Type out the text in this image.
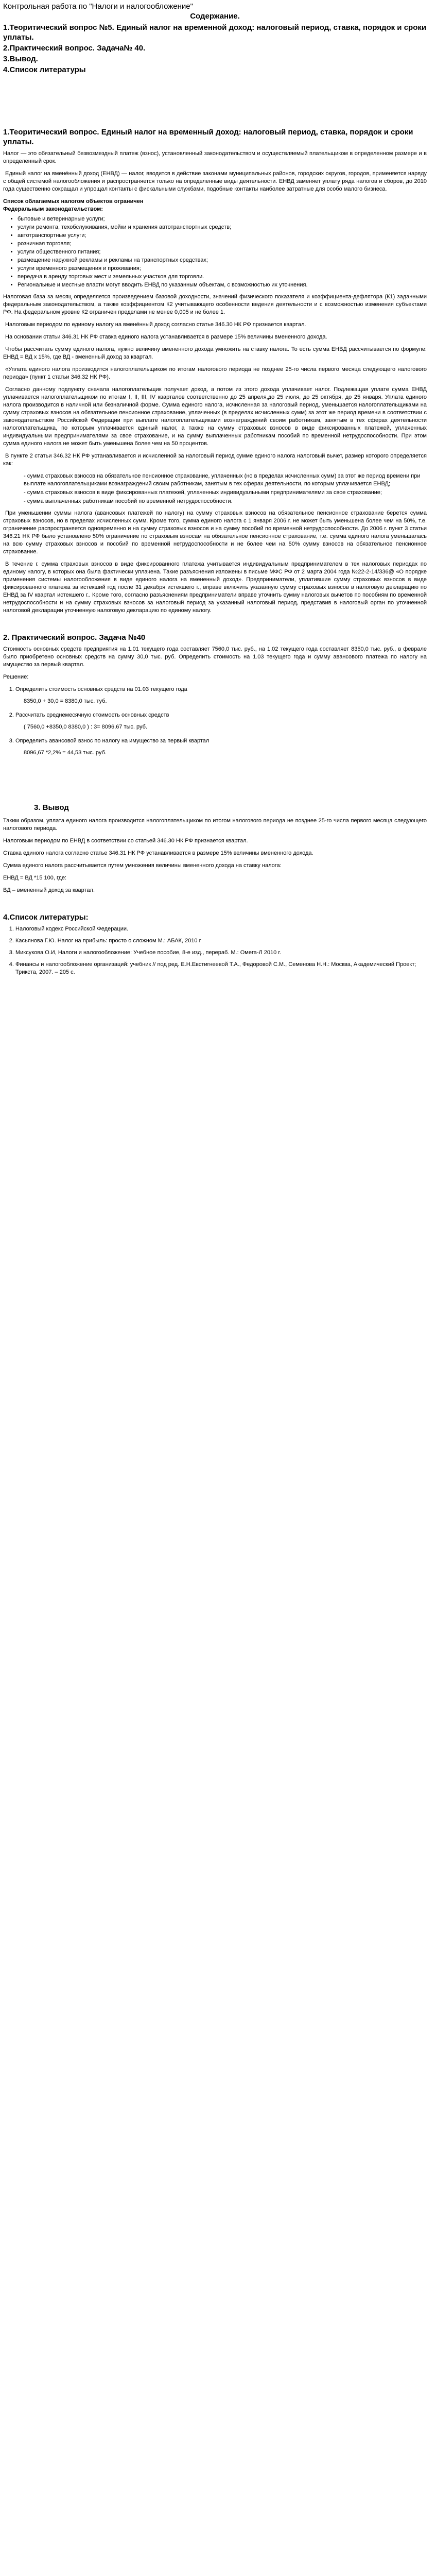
Контрольная работа по "Налоги и налогообложение"
Содержание.
1.Теоритический вопрос №5. Единый налог на временной доход: налоговый период, ставка, порядок и сроки уплаты.
2.Практический вопрос. Задача№ 40.
3.Вывод.
4.Список литературы
1.Теоритический вопрос. Единый налог на временный доход: налоговый период, ставка, порядок и сроки уплаты.
Налог — это обязательный безвозмездный платеж (взнос), установленный законодательством и осуществляемый плательщиком в определенном размере и в определенный срок.
Единый налог на вменённый доход (ЕНВД) — налог, вводится в действие законами муниципальных районов, городских округов, городов, применяется наряду с общей системой налогообложения и распространяется только на определенные виды деятельности. ЕНВД заменяет уплату ряда налогов и сборов, до 2010 года существенно сокращал и упрощал контакты с фискальными службами, подобные контакты наиболее затратные для особо малого бизнеса.
Список облагаемых налогом объектов ограничен
Федеральным законодательством:
• бытовые и ветеринарные услуги;
• услуги ремонта, техобслуживания, мойки и хранения автотранспортных средств;
• автотранспортные услуги;
• розничная торговля;
• услуги общественного питания;
• размещение наружной рекламы и рекламы на транспортных средствах;
• услуги временного размещения и проживания;
• передача в аренду торговых мест и земельных участков для торговли.
• Региональные и местные власти могут вводить ЕНВД по указанным объектам, с возможностью их уточнения.
Налоговая база за месяц определяется произведением базовой доходности, значений физического показателя и коэффициента-дефлятора (К1) заданными федеральным законодательством, а также коэффициентом К2 учитывающего особенности ведения деятельности и с возможностью изменения субъектами РФ. На федеральном уровне К2 ограничен пределами не менее 0,005 и не более 1.
Налоговым периодом по единому налогу на вменённый доход согласно статье 346.30 НК РФ признается квартал.
На основании статьи 346.31 НК РФ ставка единого налога устанавливается в размере 15% величины вмененного дохода.
Чтобы рассчитать сумму единого налога, нужно величину вмененного дохода умножить на ставку налога. То есть сумма ЕНВД рассчитывается по формуле: ЕНВД = ВД x 15%, где ВД - вмененный доход за квартал.
«Уплата единого налога производится налогоплательщиком по итогам налогового периода не позднее 25-го числа первого месяца следующего налогового периода» (пункт 1 статьи 346.32 НК РФ).
Согласно данному подпункту сначала налогоплательщик получает доход, а потом из этого дохода уплачивает налог. Подлежащая уплате сумма ЕНВД уплачивается налогоплательщиком по итогам I, II, III, IV кварталов соответственно до 25 апреля,до 25 июля, до 25 октября, до 25 января. Уплата единого налога производится в наличной или безналичной форме. Сумма единого налога, исчисленная за налоговый период, уменьшается налогоплательщиками на сумму страховых взносов на обязательное пенсионное страхование, уплаченных (в пределах исчисленных сумм) за этот же период времени в соответствии с законодательством Российской Федерации при выплате налогоплательщиками вознаграждений своим работникам, занятым в тех сферах деятельности налогоплательщика, по которым уплачивается единый налог, а также на сумму страховых взносов в виде фиксированных платежей, уплаченных индивидуальными предпринимателями за свое страхование, и на сумму выплаченных работникам пособий по временной нетрудоспособности. При этом сумма единого налога не может быть уменьшена более чем на 50 процентов.
В пункте 2 статьи 346.32 НК РФ устанавливается и исчисленной за налоговый период сумме единого налога налоговый вычет, размер которого определяется как:
- сумма страховых взносов на обязательное пенсионное страхование, уплаченных (но в пределах исчисленных сумм) за этот же период времени при выплате налогоплательщиками вознаграждений своим работникам, занятым в тех сферах деятельности, по которым уплачивается ЕНВД;
- сумма страховых взносов в виде фиксированных платежей, уплаченных индивидуальными предпринимателями за свое страхование;
- сумма выплаченных работникам пособий по временной нетрудоспособности.
При уменьшении суммы налога (авансовых платежей по налогу) на сумму страховых взносов на обязательное пенсионное страхование берется сумма страховых взносов, но в пределах исчисленных сумм. Кроме того, сумма единого налога с 1 января 2006 г. не может быть уменьшена более чем на 50%, т.е. ограничение распространяется одновременно и на сумму страховых взносов и на сумму пособий по временной нетрудоспособности. До 2006 г. пункт 3 статьи 346.21 НК РФ было установлено 50% ограничение по страховым взносам на обязательное пенсионное страхование, т.е. сумма единого налога уменьшалась на всю сумму страховых взносов и пособий по временной нетрудоспособности и не более чем на 50% сумму взносов на обязательное пенсионное страхование.
В течение г. сумма страховых взносов в виде фиксированного платежа учитывается индивидуальным предпринимателем в тех налоговых периодах по единому налогу, в которых она была фактически уплачена. Такие разъяснения изложены в письме МФС РФ от 2 марта 2004 года №22-2-14/336@ «О порядке применения системы налогообложения в виде единого налога на вмененный доход». Предприниматели, уплатившие сумму страховых взносов в виде фиксированного платежа за истекший год после 31 декабря истекшего г., вправе включить указанную сумму страховых взносов в налоговую декларацию по ЕНВД за IV квартал истекшего г.. Кроме того, согласно разъяснениям предприниматели вправе уточнить сумму налоговых вычетов по пособиям по временной нетрудоспособности и на сумму страховых взносов за налоговый период за указанный налоговый период, представив в налоговый орган по уточненной налоговой декларации уточненную налоговую декларацию по единому налогу.
2. Практический вопрос. Задача №40
Стоимость основных средств предприятия на 1.01 текущего года составляет 7560,0 тыс. руб., на 1.02 текущего года составляет 8350,0 тыс. руб., в феврале было приобретено основных средств на сумму 30,0 тыс. руб. Определить стоимость на 1.03 текущего года и сумму авансового платежа по налогу на имущество за первый квартал.
Решение:
1. Определить стоимость основных средств на 01.03 текущего года
8350,0 + 30,0 = 8380,0 тыс. туб.
2. Рассчитать среднемесячную стоимость основных средств
( 7560,0 +8350,0 8380,0 ) : 3= 8096,67 тыс. руб.
3. Определить авансовой взнос по налогу на имущество за первый квартал
8096,67 *2,2% = 44,53 тыс. руб.
3. Вывод
Таким образом, уплата единого налога производится налогоплательщиком по итогом налогового периода не позднее 25-го числа первого месяца следующего налогового периода.
Налоговым периодом по ЕНВД в соответствии со статьей 346.30 НК РФ признается квартал.
Ставка единого налога согласно статье 346.31 НК РФ устанавливается в размере 15% величины вмененного дохода.
Сумма единого налога рассчитывается путем умножения величины вмененного дохода на ставку налога:
ЕНВД = ВД *15 100, где:
ВД – вмененный доход за квартал.
4.Список литературы:
1. Налоговый кодекс Российской Федерации.
2. Касьянова Г.Ю. Налог на прибыль: просто о сложном М.: АБАК, 2010 г
3. Миксукова О.И, Налоги и налогообложение: Учебное пособие, 8-е изд., перераб. М.: Омега-Л 2010 г.
4. Финансы и налогообложение организаций: учебник // под ред. Е.Н.Евстигнеевой Т.А., Федоровой С.М., Семенова Н.Н.: Москва, Академический Проект; Трикста, 2007. – 205 с.
